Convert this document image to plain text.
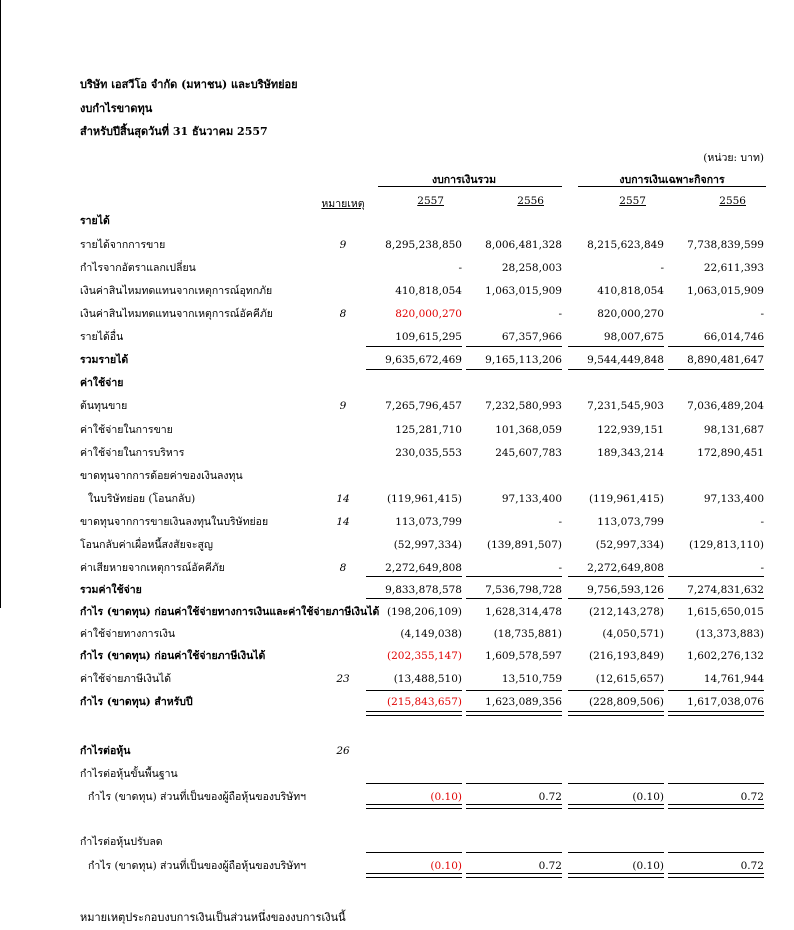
บริษัท เอสวีโอ จำกัด (มหาชน) และบริษัทย่อย
งบกำไรขาดทุน
สำหรับปีสิ้นสุดวันที่ 31 ธันวาคม 2557
(หน่วย: บาท)
งบการเงินรวม	งบการเงินเฉพาะกิจการ
หมายเหตุ	2557	2556	2557	2556
รายได้
รายได้จากการขาย	9	8,295,238,850	8,006,481,328	8,215,623,849	7,738,839,599
กำไรจากอัตราแลกเปลี่ยน	-	28,258,003	-	22,611,393
เงินค่าสินไหมทดแทนจากเหตุการณ์อุทกภัย	410,818,054	1,063,015,909	410,818,054	1,063,015,909
เงินค่าสินไหมทดแทนจากเหตุการณ์อัคคีภัย	8	820,000,270	-	820,000,270	-
รายได้อื่น	109,615,295	67,357,966	98,007,675	66,014,746
รวมรายได้	9,635,672,469	9,165,113,206	9,544,449,848	8,890,481,647
ค่าใช้จ่าย
ต้นทุนขาย	9	7,265,796,457	7,232,580,993	7,231,545,903	7,036,489,204
ค่าใช้จ่ายในการขาย	125,281,710	101,368,059	122,939,151	98,131,687
ค่าใช้จ่ายในการบริหาร	230,035,553	245,607,783	189,343,214	172,890,451
ขาดทุนจากการด้อยค่าของเงินลงทุน
ในบริษัทย่อย (โอนกลับ)	14	(119,961,415)	97,133,400	(119,961,415)	97,133,400
ขาดทุนจากการขายเงินลงทุนในบริษัทย่อย	14	113,073,799	-	113,073,799	-
โอนกลับค่าเผื่อหนี้สงสัยจะสูญ	(52,997,334)	(139,891,507)	(52,997,334)	(129,813,110)
ค่าเสียหายจากเหตุการณ์อัคคีภัย	8	2,272,649,808	-	2,272,649,808	-
รวมค่าใช้จ่าย	9,833,878,578	7,536,798,728	9,756,593,126	7,274,831,632
กำไร (ขาดทุน) ก่อนค่าใช้จ่ายทางการเงินและค่าใช้จ่ายภาษีเงินได้ (198,206,109)	1,628,314,478	(212,143,278)	1,615,650,015
ค่าใช้จ่ายทางการเงิน	(4,149,038)	(18,735,881)	(4,050,571)	(13,373,883)
กำไร (ขาดทุน) ก่อนค่าใช้จ่ายภาษีเงินได้	(202,355,147)	1,609,578,597	(216,193,849)	1,602,276,132
ค่าใช้จ่ายภาษีเงินได้	23	(13,488,510)	13,510,759	(12,615,657)	14,761,944
กำไร (ขาดทุน) สำหรับปี	(215,843,657)	1,623,089,356	(228,809,506)	1,617,038,076
กำไรต่อหุ้น	26
กำไรต่อหุ้นขั้นพื้นฐาน
กำไร (ขาดทุน) ส่วนที่เป็นของผู้ถือหุ้นของบริษัทฯ	(0.10)	0.72	(0.10)	0.72
กำไรต่อหุ้นปรับลด
กำไร (ขาดทุน) ส่วนที่เป็นของผู้ถือหุ้นของบริษัทฯ	(0.10)	0.72	(0.10)	0.72
หมายเหตุประกอบงบการเงินเป็นส่วนหนึ่งของงบการเงินนี้
